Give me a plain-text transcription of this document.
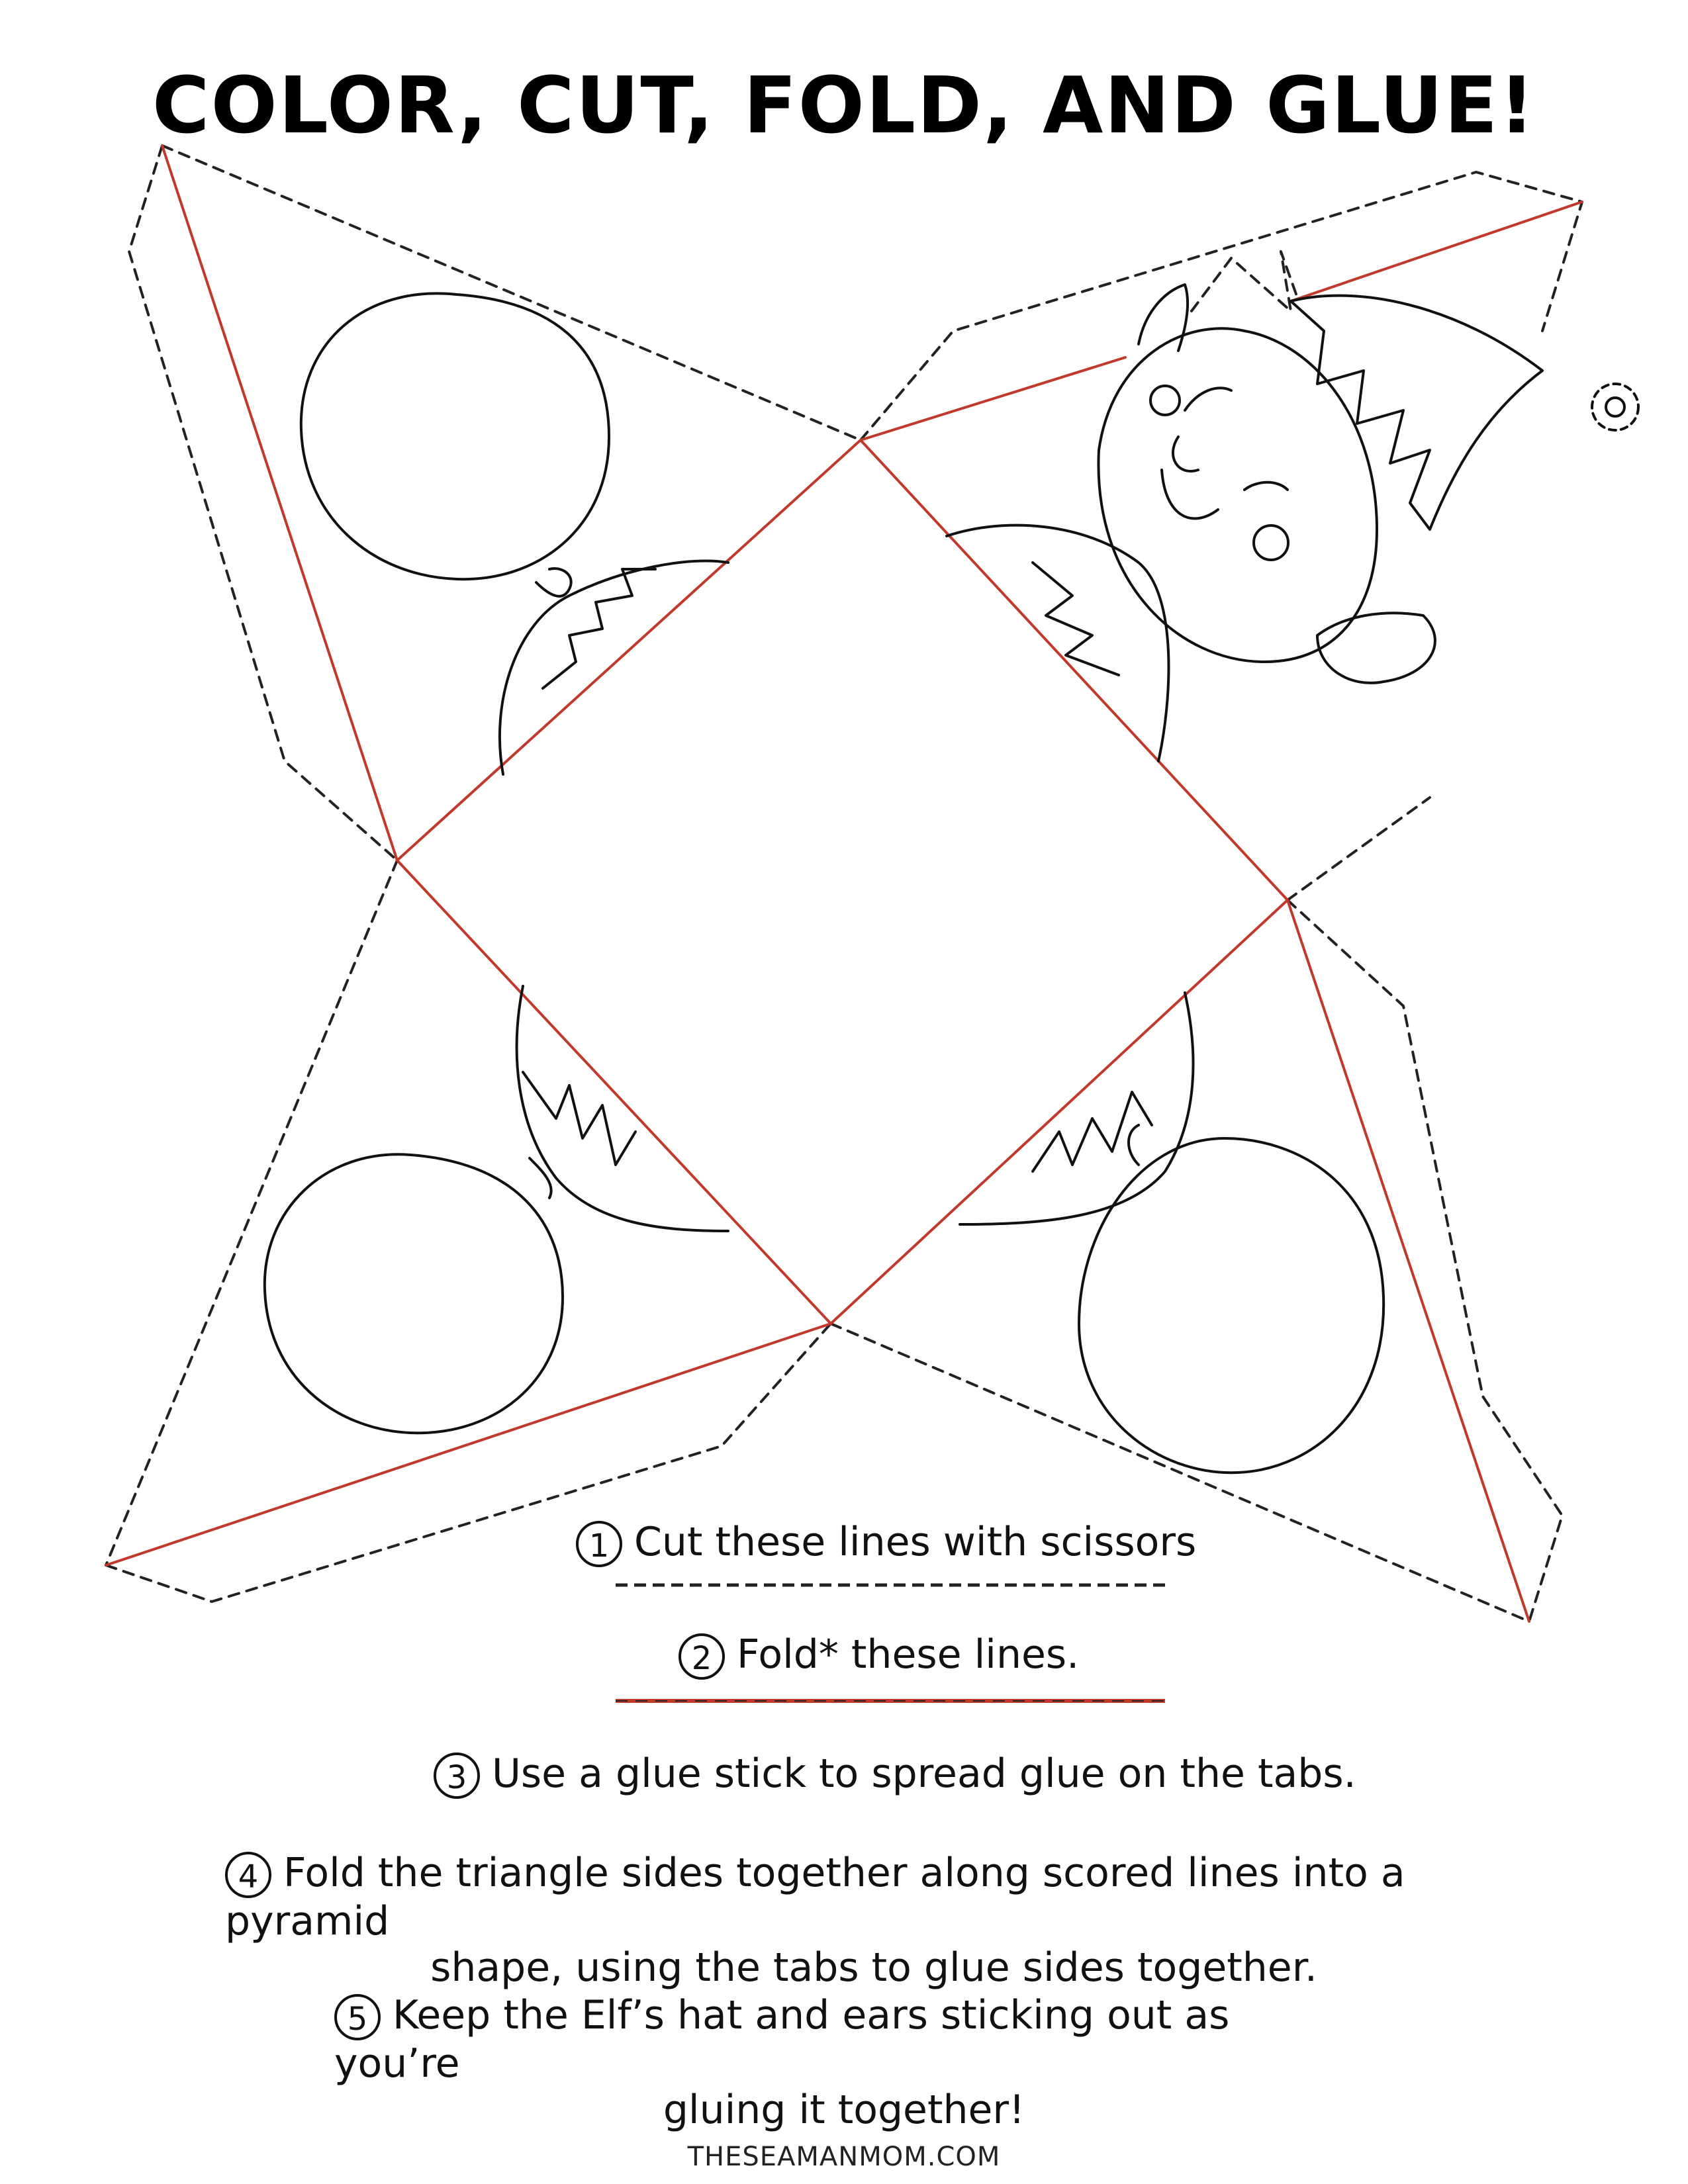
COLOR, CUT, FOLD, AND GLUE!
1 Cut these lines with scissors
2 Fold* these lines.
3 Use a glue stick to spread glue on the tabs.
4 Fold the triangle sides together along scored lines into a pyramid
shape, using the tabs to glue sides together.
5 Keep the Elf’s hat and ears sticking out as you’re
gluing it together!
THESEAMANMOM.COM
